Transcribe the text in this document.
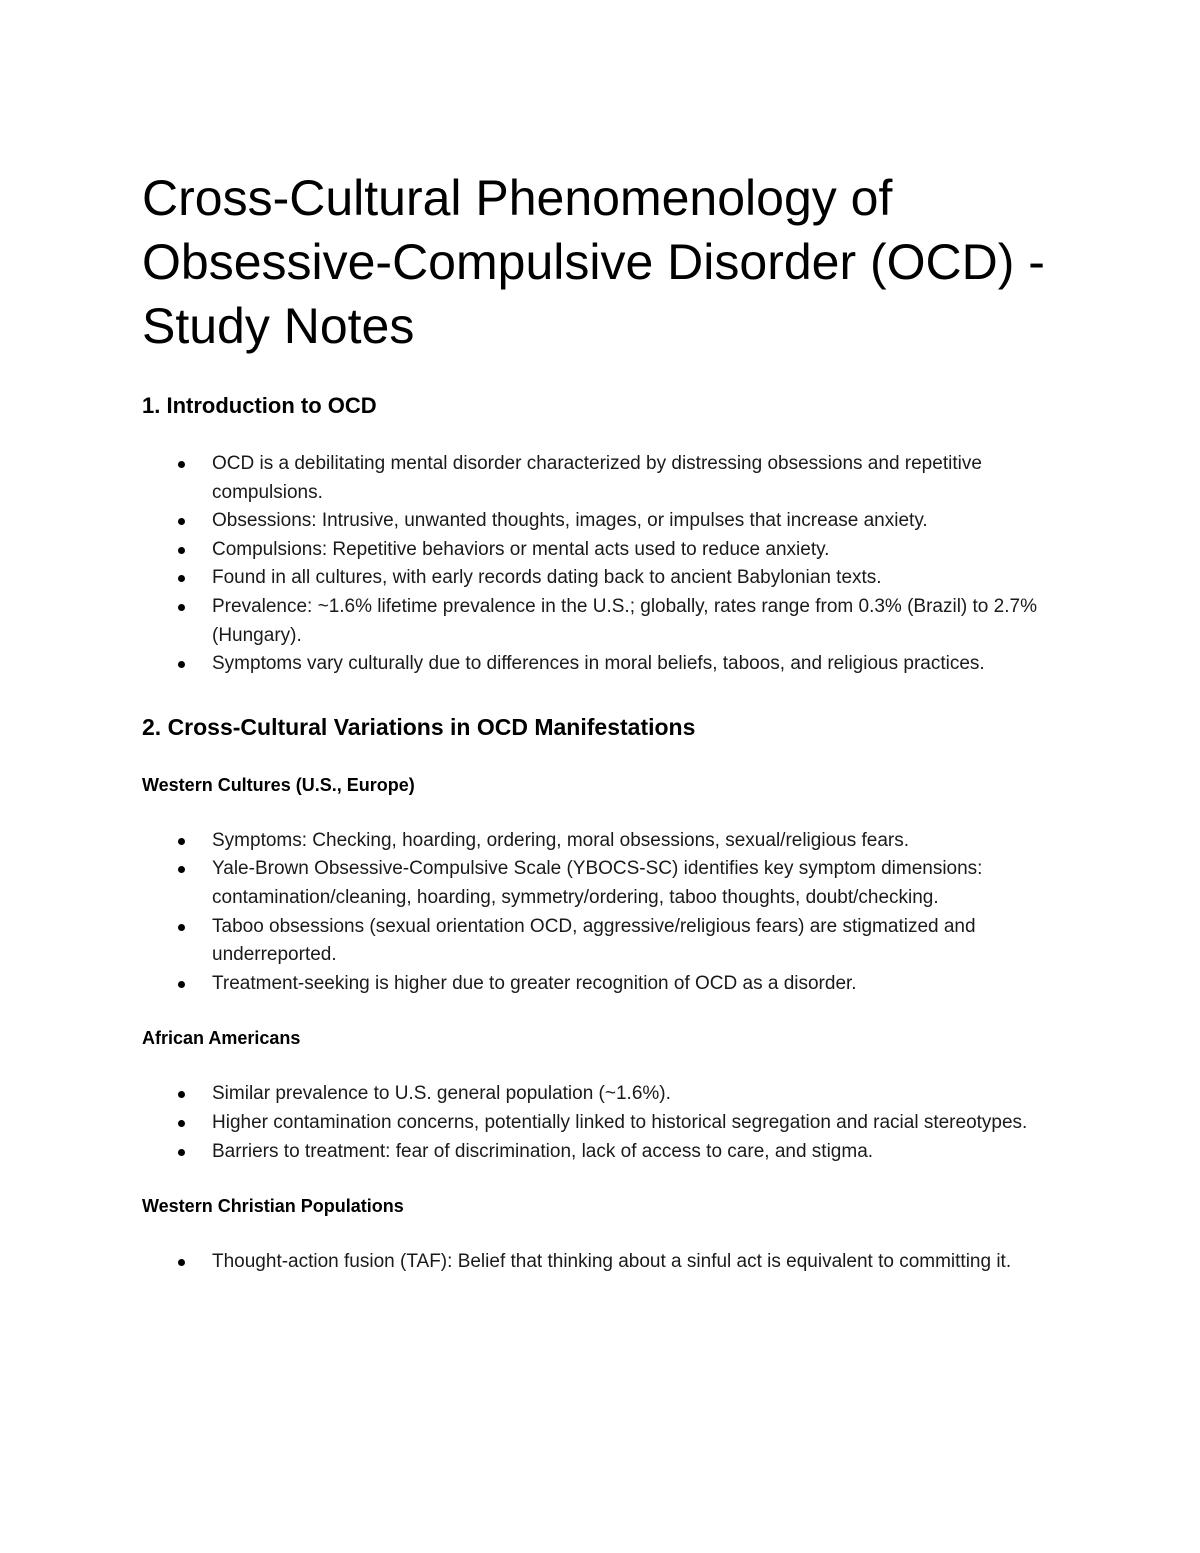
Cross-Cultural Phenomenology of Obsessive-Compulsive Disorder (OCD) - Study Notes
1. Introduction to OCD
OCD is a debilitating mental disorder characterized by distressing obsessions and repetitive compulsions.
Obsessions: Intrusive, unwanted thoughts, images, or impulses that increase anxiety.
Compulsions: Repetitive behaviors or mental acts used to reduce anxiety.
Found in all cultures, with early records dating back to ancient Babylonian texts.
Prevalence: ~1.6% lifetime prevalence in the U.S.; globally, rates range from 0.3% (Brazil) to 2.7% (Hungary).
Symptoms vary culturally due to differences in moral beliefs, taboos, and religious practices.
2. Cross-Cultural Variations in OCD Manifestations
Western Cultures (U.S., Europe)
Symptoms: Checking, hoarding, ordering, moral obsessions, sexual/religious fears.
Yale-Brown Obsessive-Compulsive Scale (YBOCS-SC) identifies key symptom dimensions: contamination/cleaning, hoarding, symmetry/ordering, taboo thoughts, doubt/checking.
Taboo obsessions (sexual orientation OCD, aggressive/religious fears) are stigmatized and underreported.
Treatment-seeking is higher due to greater recognition of OCD as a disorder.
African Americans
Similar prevalence to U.S. general population (~1.6%).
Higher contamination concerns, potentially linked to historical segregation and racial stereotypes.
Barriers to treatment: fear of discrimination, lack of access to care, and stigma.
Western Christian Populations
Thought-action fusion (TAF): Belief that thinking about a sinful act is equivalent to committing it.
